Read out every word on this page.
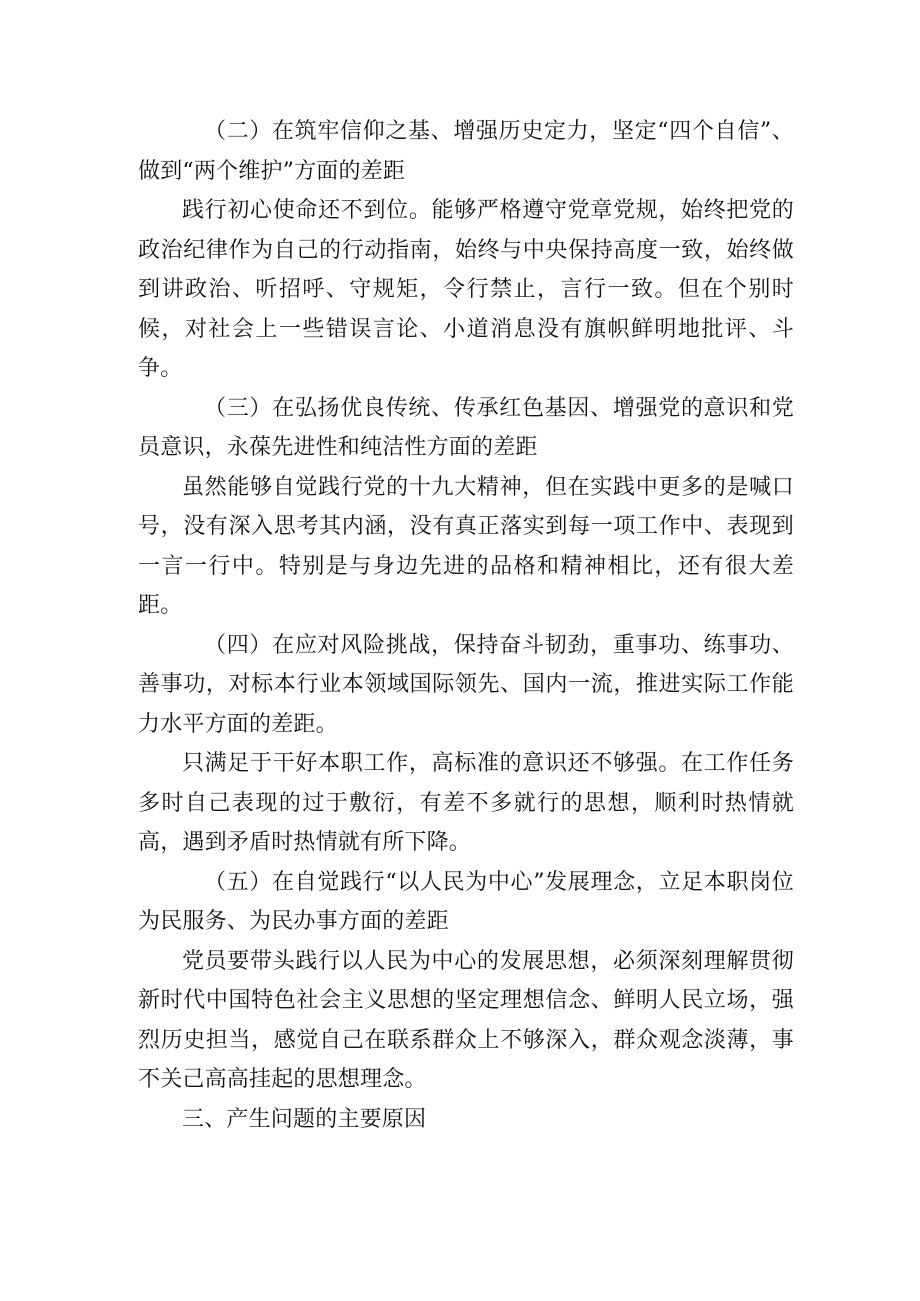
（二）在筑牢信仰之基、增强历史定力，坚定“四个自信”、做到“两个维护”方面的差距

践行初心使命还不到位。能够严格遵守党章党规，始终把党的政治纪律作为自己的行动指南，始终与中央保持高度一致，始终做到讲政治、听招呼、守规矩，令行禁止，言行一致。但在个别时候，对社会上一些错误言论、小道消息没有旗帜鲜明地批评、斗争。

（三）在弘扬优良传统、传承红色基因、增强党的意识和党员意识，永葆先进性和纯洁性方面的差距

虽然能够自觉践行党的十九大精神，但在实践中更多的是喊口号，没有深入思考其内涵，没有真正落实到每一项工作中、表现到一言一行中。特别是与身边先进的品格和精神相比，还有很大差距。

（四）在应对风险挑战，保持奋斗韧劲，重事功、练事功、善事功，对标本行业本领域国际领先、国内一流，推进实际工作能力水平方面的差距。

只满足于干好本职工作，高标准的意识还不够强。在工作任务多时自己表现的过于敷衍，有差不多就行的思想，顺利时热情就高，遇到矛盾时热情就有所下降。

（五）在自觉践行“以人民为中心”发展理念，立足本职岗位为民服务、为民办事方面的差距

党员要带头践行以人民为中心的发展思想，必须深刻理解贯彻新时代中国特色社会主义思想的坚定理想信念、鲜明人民立场，强烈历史担当，感觉自己在联系群众上不够深入，群众观念淡薄，事不关己高高挂起的思想理念。

三、产生问题的主要原因
